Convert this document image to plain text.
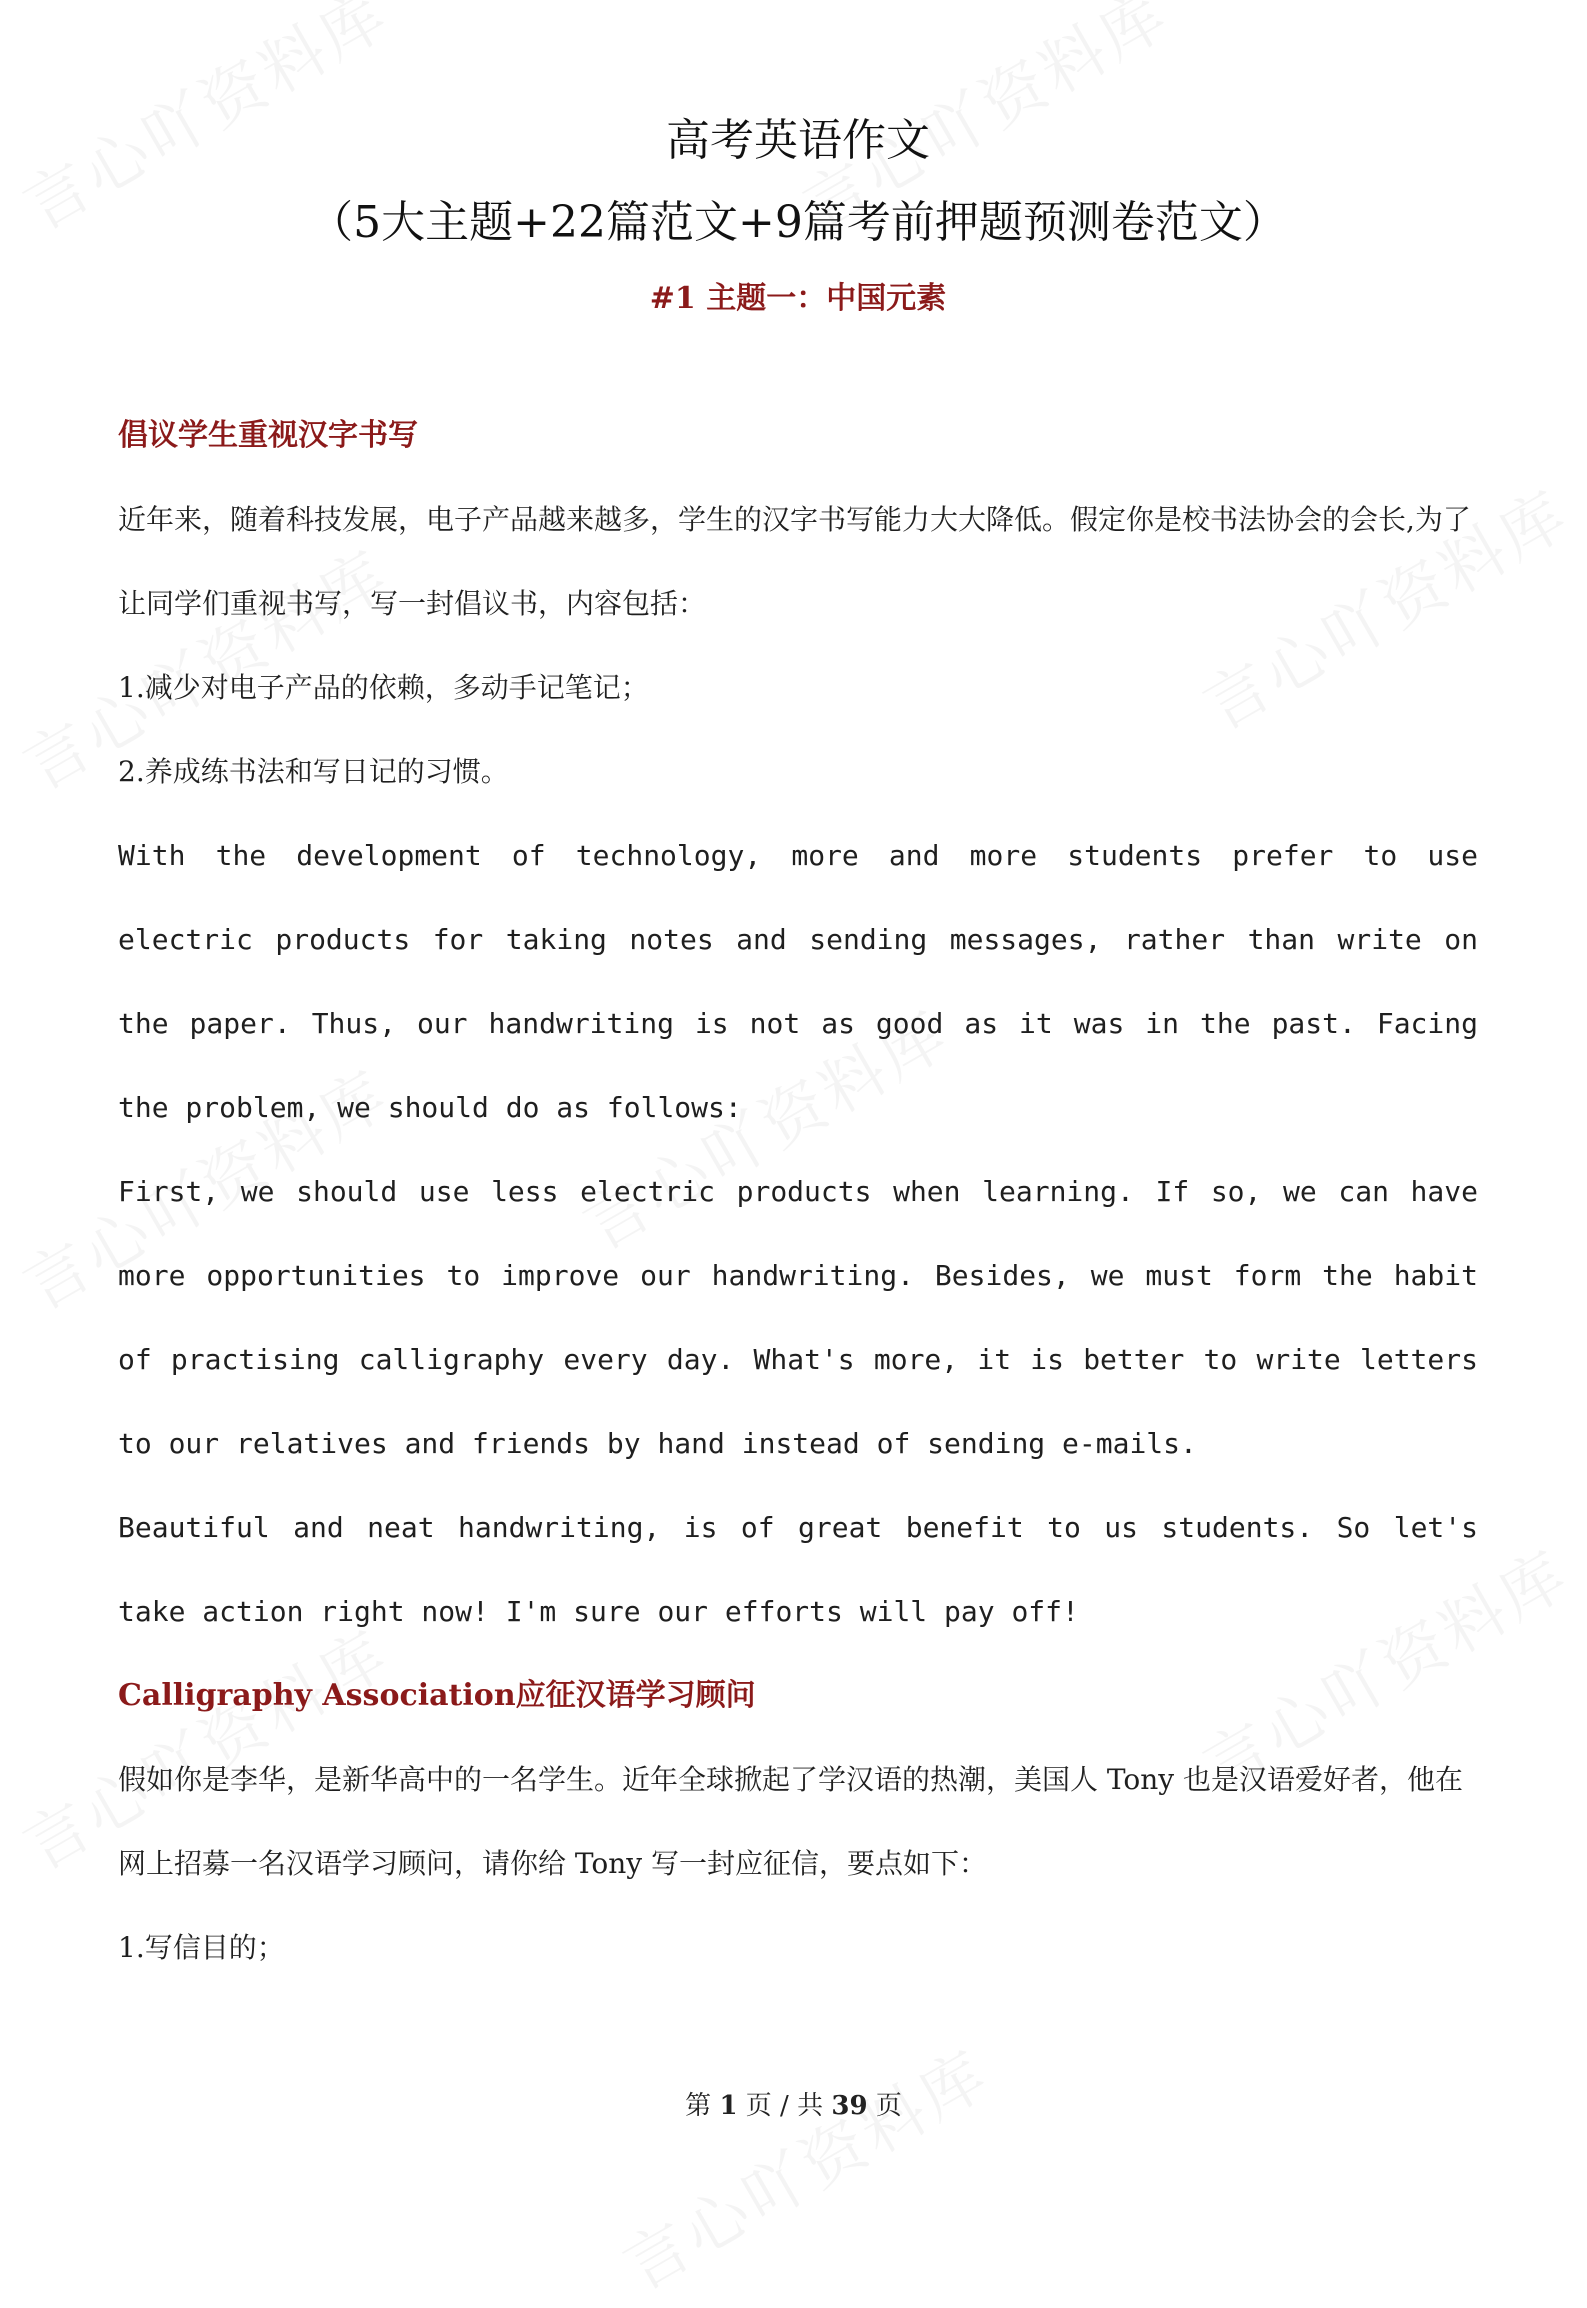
高考英语作文
（5大主题+22篇范文+9篇考前押题预测卷范文）
#1 主题一：中国元素
倡议学生重视汉字书写

近年来，随着科技发展，电子产品越来越多，学生的汉字书写能力大大降低。假定你是校书法协会的会长,为了让同学们重视书写，写一封倡议书，内容包括：

1.减少对电子产品的依赖，多动手记笔记；

2.养成练书法和写日记的习惯。

With the development of technology, more and more students prefer to use electric products for taking notes and sending messages, rather than write on the paper. Thus, our handwriting is not as good as it was in the past. Facing the problem, we should do as follows:

First, we should use less electric products when learning. If so, we can have more opportunities to improve our handwriting. Besides, we must form the habit of practising calligraphy every day. What's more, it is better to write letters to our relatives and friends by hand instead of sending e-mails.

Beautiful and neat handwriting, is of great benefit to us students. So let's take action right now! I'm sure our efforts will pay off!

Calligraphy Association应征汉语学习顾问

假如你是李华，是新华高中的一名学生。近年全球掀起了学汉语的热潮，美国人 Tony 也是汉语爱好者，他在网上招募一名汉语学习顾问，请你给 Tony 写一封应征信，要点如下：

1.写信目的；

第 1 页 / 共 39 页
